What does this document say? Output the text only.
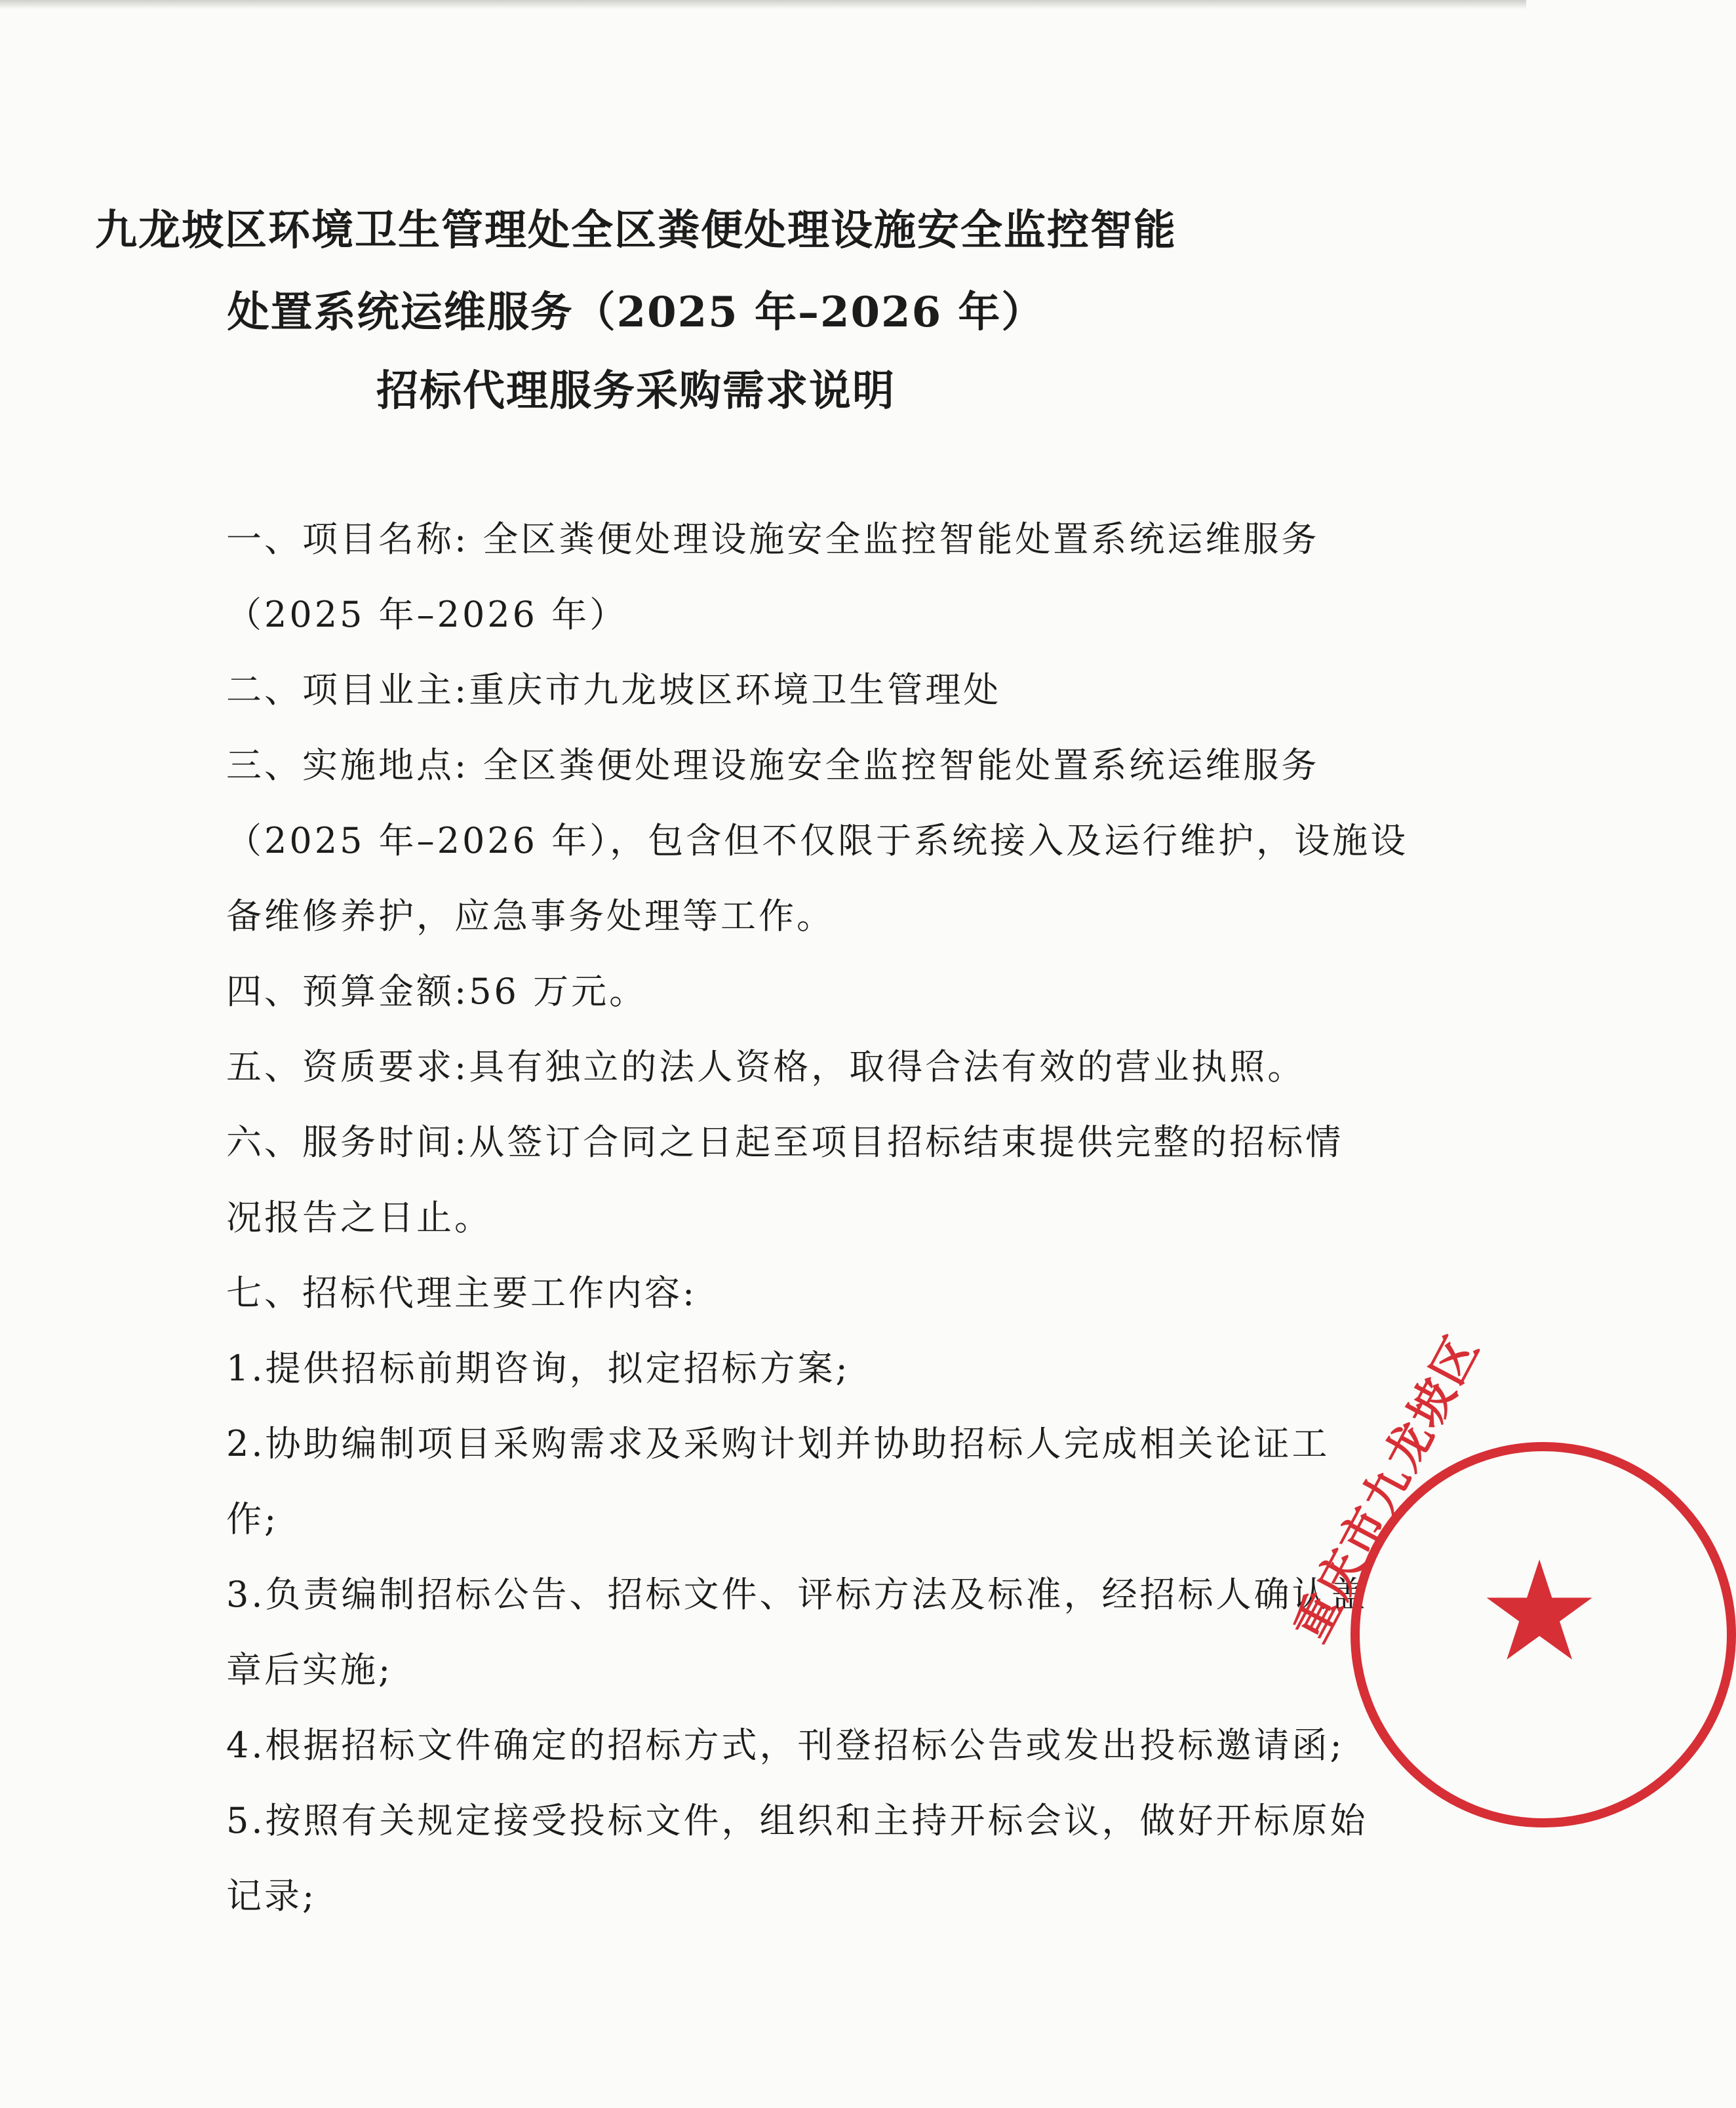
九龙坡区环境卫生管理处全区粪便处理设施安全监控智能
处置系统运维服务（2025 年–2026 年）
招标代理服务采购需求说明
一、项目名称: 全区粪便处理设施安全监控智能处置系统运维服务
（2025 年–2026 年）
二、项目业主:重庆市九龙坡区环境卫生管理处
三、实施地点: 全区粪便处理设施安全监控智能处置系统运维服务
（2025 年–2026 年），包含但不仅限于系统接入及运行维护，设施设
备维修养护，应急事务处理等工作。
四、预算金额:56 万元。
五、资质要求:具有独立的法人资格，取得合法有效的营业执照。
六、服务时间:从签订合同之日起至项目招标结束提供完整的招标情
况报告之日止。
七、招标代理主要工作内容:
1.提供招标前期咨询，拟定招标方案;
2.协助编制项目采购需求及采购计划并协助招标人完成相关论证工
作;
3.负责编制招标公告、招标文件、评标方法及标准，经招标人确认盖
章后实施;
4.根据招标文件确定的招标方式，刊登招标公告或发出投标邀请函;
5.按照有关规定接受投标文件，组织和主持开标会议，做好开标原始
记录;
重庆市九龙坡区
★
